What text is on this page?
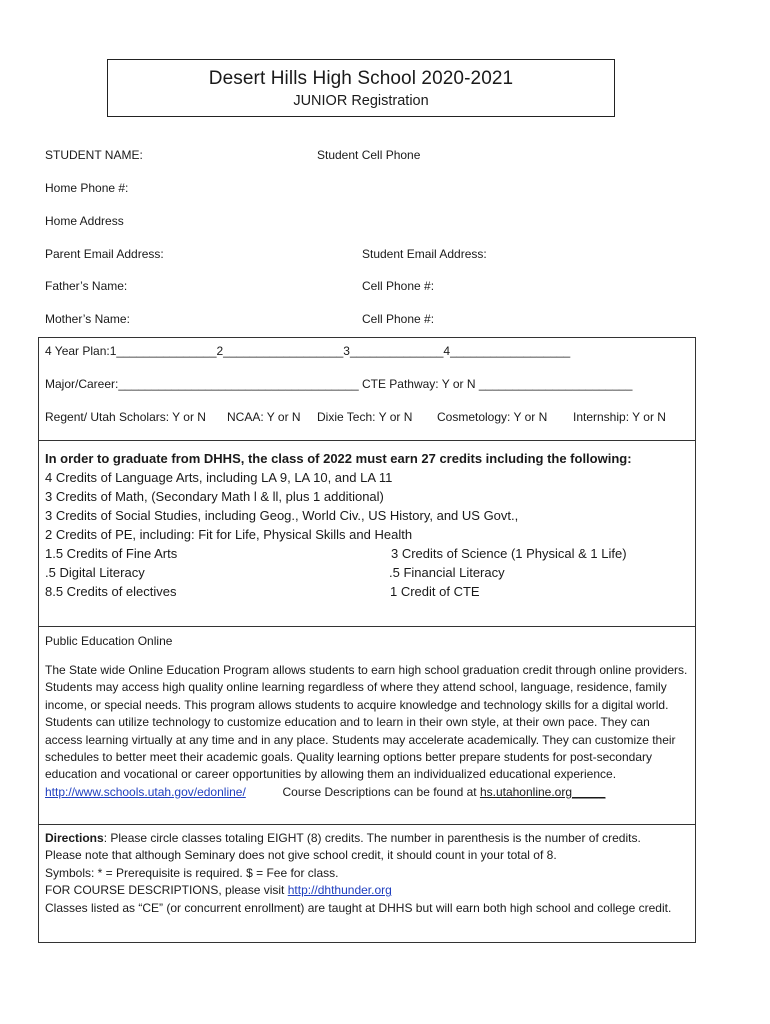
Desert Hills High School 2020-2021
JUNIOR Registration
STUDENT NAME:	Student Cell Phone
Home Phone #:
Home Address
Parent Email Address:	Student Email Address:
Father’s Name:	Cell Phone #:
Mother’s Name:	Cell Phone #:
4 Year Plan:1_______________2__________________3______________4__________________
Major/Career:____________________________________ CTE Pathway: Y or N _______________________
Regent/ Utah Scholars: Y or N NCAA: Y or N Dixie Tech: Y or N Cosmetology: Y or N Internship: Y or N
In order to graduate from DHHS, the class of 2022 must earn 27 credits including the following:
4 Credits of Language Arts, including LA 9, LA 10, and LA 11
3 Credits of Math, (Secondary Math l & ll, plus 1 additional)
3 Credits of Social Studies, including Geog., World Civ., US History, and US Govt.,
2 Credits of PE, including: Fit for Life, Physical Skills and Health
1.5 Credits of Fine Arts	3 Credits of Science (1 Physical & 1 Life)
.5 Digital Literacy	.5 Financial Literacy
8.5 Credits of electives	1 Credit of CTE
Public Education Online
The State wide Online Education Program allows students to earn high school graduation credit through online providers. Students may access high quality online learning regardless of where they attend school, language, residence, family income, or special needs. This program allows students to acquire knowledge and technology skills for a digital world. Students can utilize technology to customize education and to learn in their own style, at their own pace. They can access learning virtually at any time and in any place. Students may accelerate academically. They can customize their schedules to better meet their academic goals. Quality learning options better prepare students for post-secondary education and vocational or career opportunities by allowing them an individualized educational experience. http://www.schools.utah.gov/edonline/	Course Descriptions can be found at hs.utahonline.org_____
Directions: Please circle classes totaling EIGHT (8) credits. The number in parenthesis is the number of credits.
Please note that although Seminary does not give school credit, it should count in your total of 8.
Symbols: * = Prerequisite is required. $ = Fee for class.
FOR COURSE DESCRIPTIONS, please visit http://dhthunder.org
Classes listed as “CE” (or concurrent enrollment) are taught at DHHS but will earn both high school and college credit.
